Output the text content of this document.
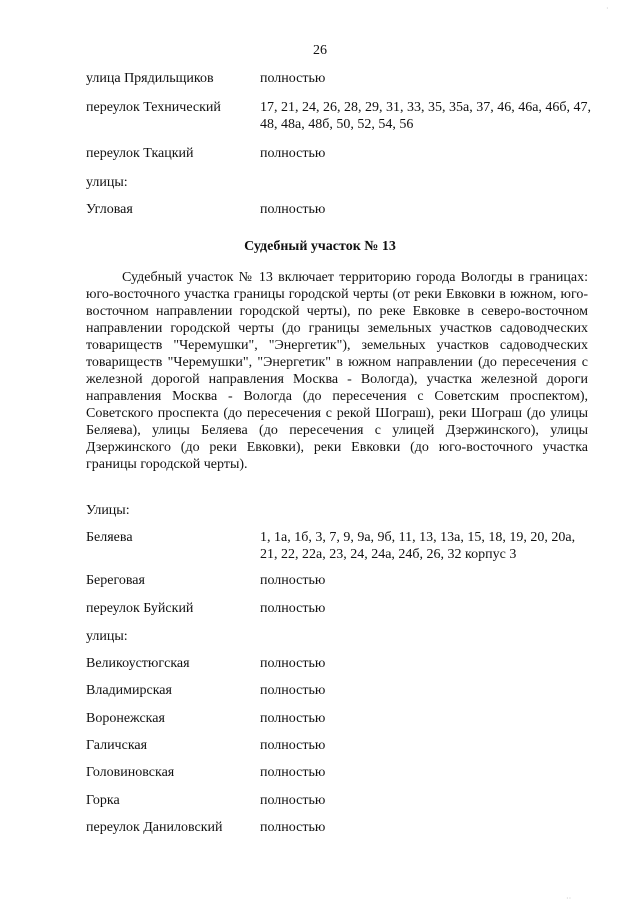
26
улица Прядильщиков	полностью
переулок Технический	17, 21, 24, 26, 28, 29, 31, 33, 35, 35а, 37, 46, 46а, 46б, 47, 48, 48а, 48б, 50, 52, 54, 56
переулок Ткацкий	полностью
улицы:
Угловая	полностью
Судебный участок № 13

Судебный участок № 13 включает территорию города Вологды в границах: юго-восточного участка границы городской черты (от реки Евковки в южном, юго-восточном направлении городской черты), по реке Евковке в северо-восточном направлении городской черты (до границы земельных участков садоводческих товариществ "Черемушки", "Энергетик"), земельных участков садоводческих товариществ "Черемушки", "Энергетик" в южном направлении (до пересечения с железной дорогой направления Москва - Вологда), участка железной дороги направления Москва - Вологда (до пересечения с Советским проспектом), Советского проспекта (до пересечения с рекой Шограш), реки Шограш (до улицы Беляева), улицы Беляева (до пересечения с улицей Дзержинского), улицы Дзержинского (до реки Евковки), реки Евковки (до юго-восточного участка границы городской черты).

Улицы:
Беляева	1, 1а, 1б, 3, 7, 9, 9а, 9б, 11, 13, 13а, 15, 18, 19, 20, 20а, 21, 22, 22а, 23, 24, 24а, 24б, 26, 32 корпус 3
Береговая	полностью
переулок Буйский	полностью
улицы:
Великоустюгская	полностью
Владимирская	полностью
Воронежская	полностью
Галичская	полностью
Головиновская	полностью
Горка	полностью
переулок Даниловский	полностью
·
··
